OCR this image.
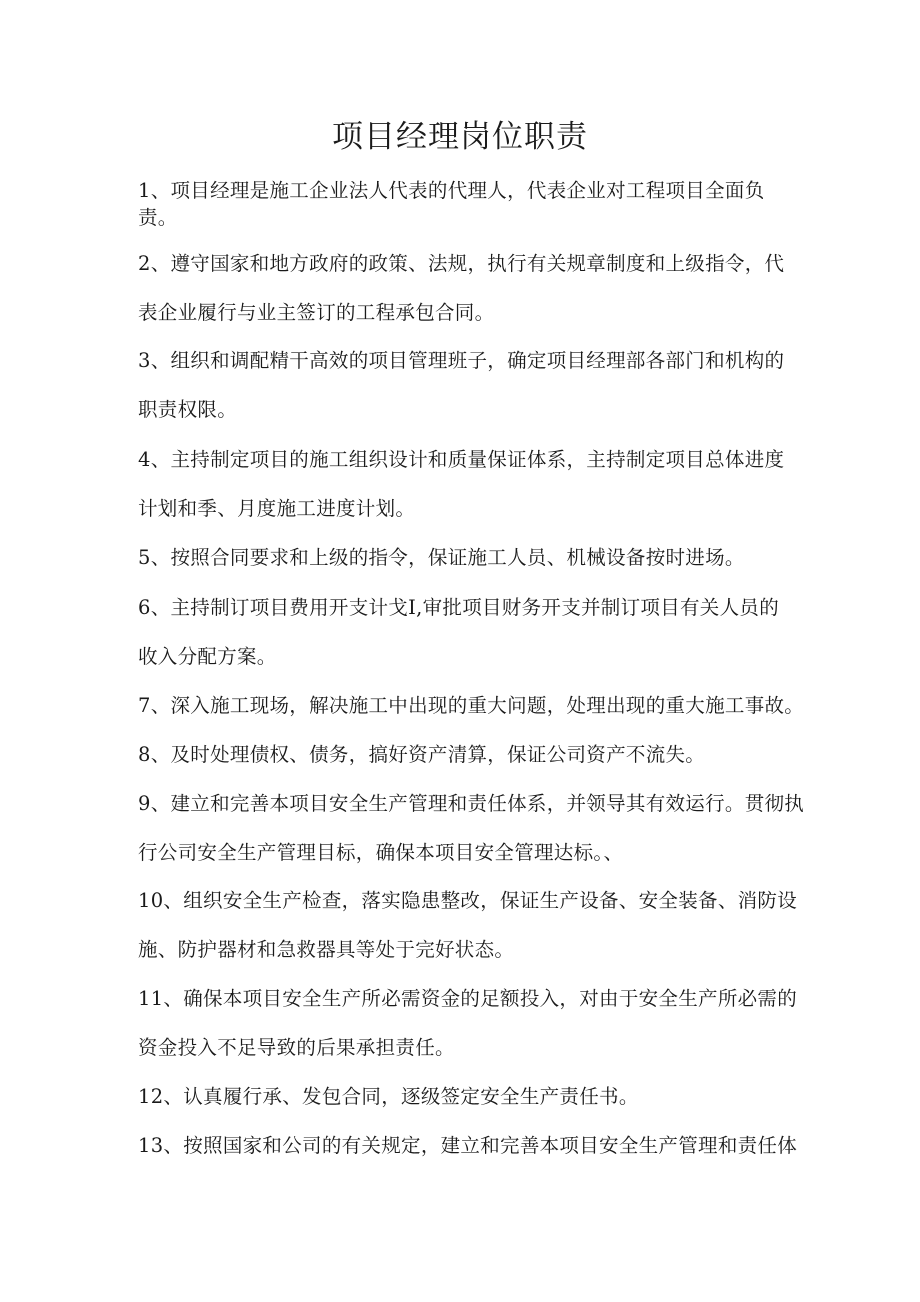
项目经理岗位职责
1、项目经理是施工企业法人代表的代理人，代表企业对工程项目全面负
责。
2、遵守国家和地方政府的政策、法规，执行有关规章制度和上级指令，代
表企业履行与业主签订的工程承包合同。
3、组织和调配精干高效的项目管理班子，确定项目经理部各部门和机构的
职责权限。
4、主持制定项目的施工组织设计和质量保证体系，主持制定项目总体进度
计划和季、月度施工进度计划。
5、按照合同要求和上级的指令，保证施工人员、机械设备按时进场。
6、主持制订项目费用开支计戈I,审批项目财务开支并制订项目有关人员的
收入分配方案。
7、深入施工现场，解决施工中出现的重大问题，处理出现的重大施工事故。
8、及时处理债权、债务，搞好资产清算，保证公司资产不流失。
9、建立和完善本项目安全生产管理和责任体系，并领导其有效运行。贯彻执
行公司安全生产管理目标，确保本项目安全管理达标。、
10、组织安全生产检查，落实隐患整改，保证生产设备、安全装备、消防设
施、防护器材和急救器具等处于完好状态。
11、确保本项目安全生产所必需资金的足额投入，对由于安全生产所必需的
资金投入不足导致的后果承担责任。
12、认真履行承、发包合同，逐级签定安全生产责任书。
13、按照国家和公司的有关规定，建立和完善本项目安全生产管理和责任体
